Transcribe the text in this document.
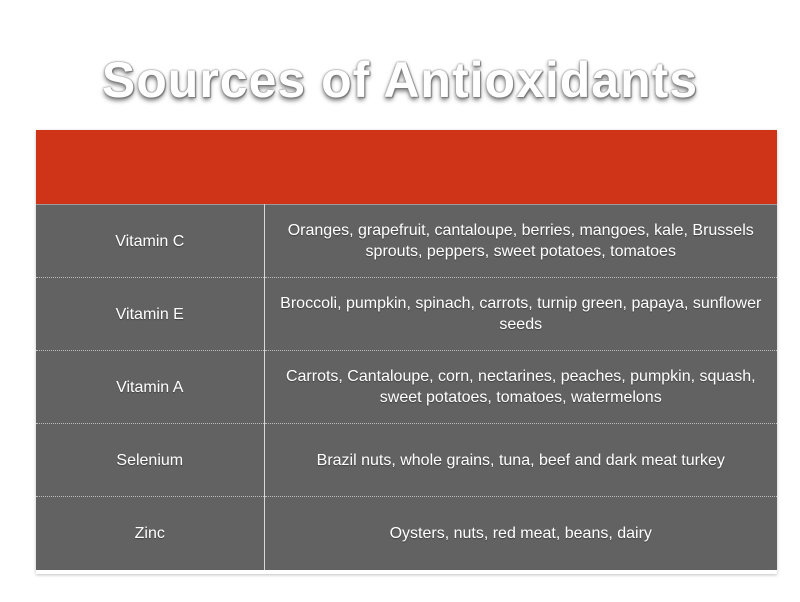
Sources of Antioxidants

Vitamin C	Oranges, grapefruit, cantaloupe, berries, mangoes, kale, Brussels sprouts, peppers, sweet potatoes, tomatoes
Vitamin E	Broccoli, pumpkin, spinach, carrots, turnip green, papaya, sunflower seeds
Vitamin A	Carrots, Cantaloupe, corn, nectarines, peaches, pumpkin, squash, sweet potatoes, tomatoes, watermelons
Selenium	Brazil nuts, whole grains, tuna, beef and dark meat turkey
Zinc	Oysters, nuts, red meat, beans, dairy
